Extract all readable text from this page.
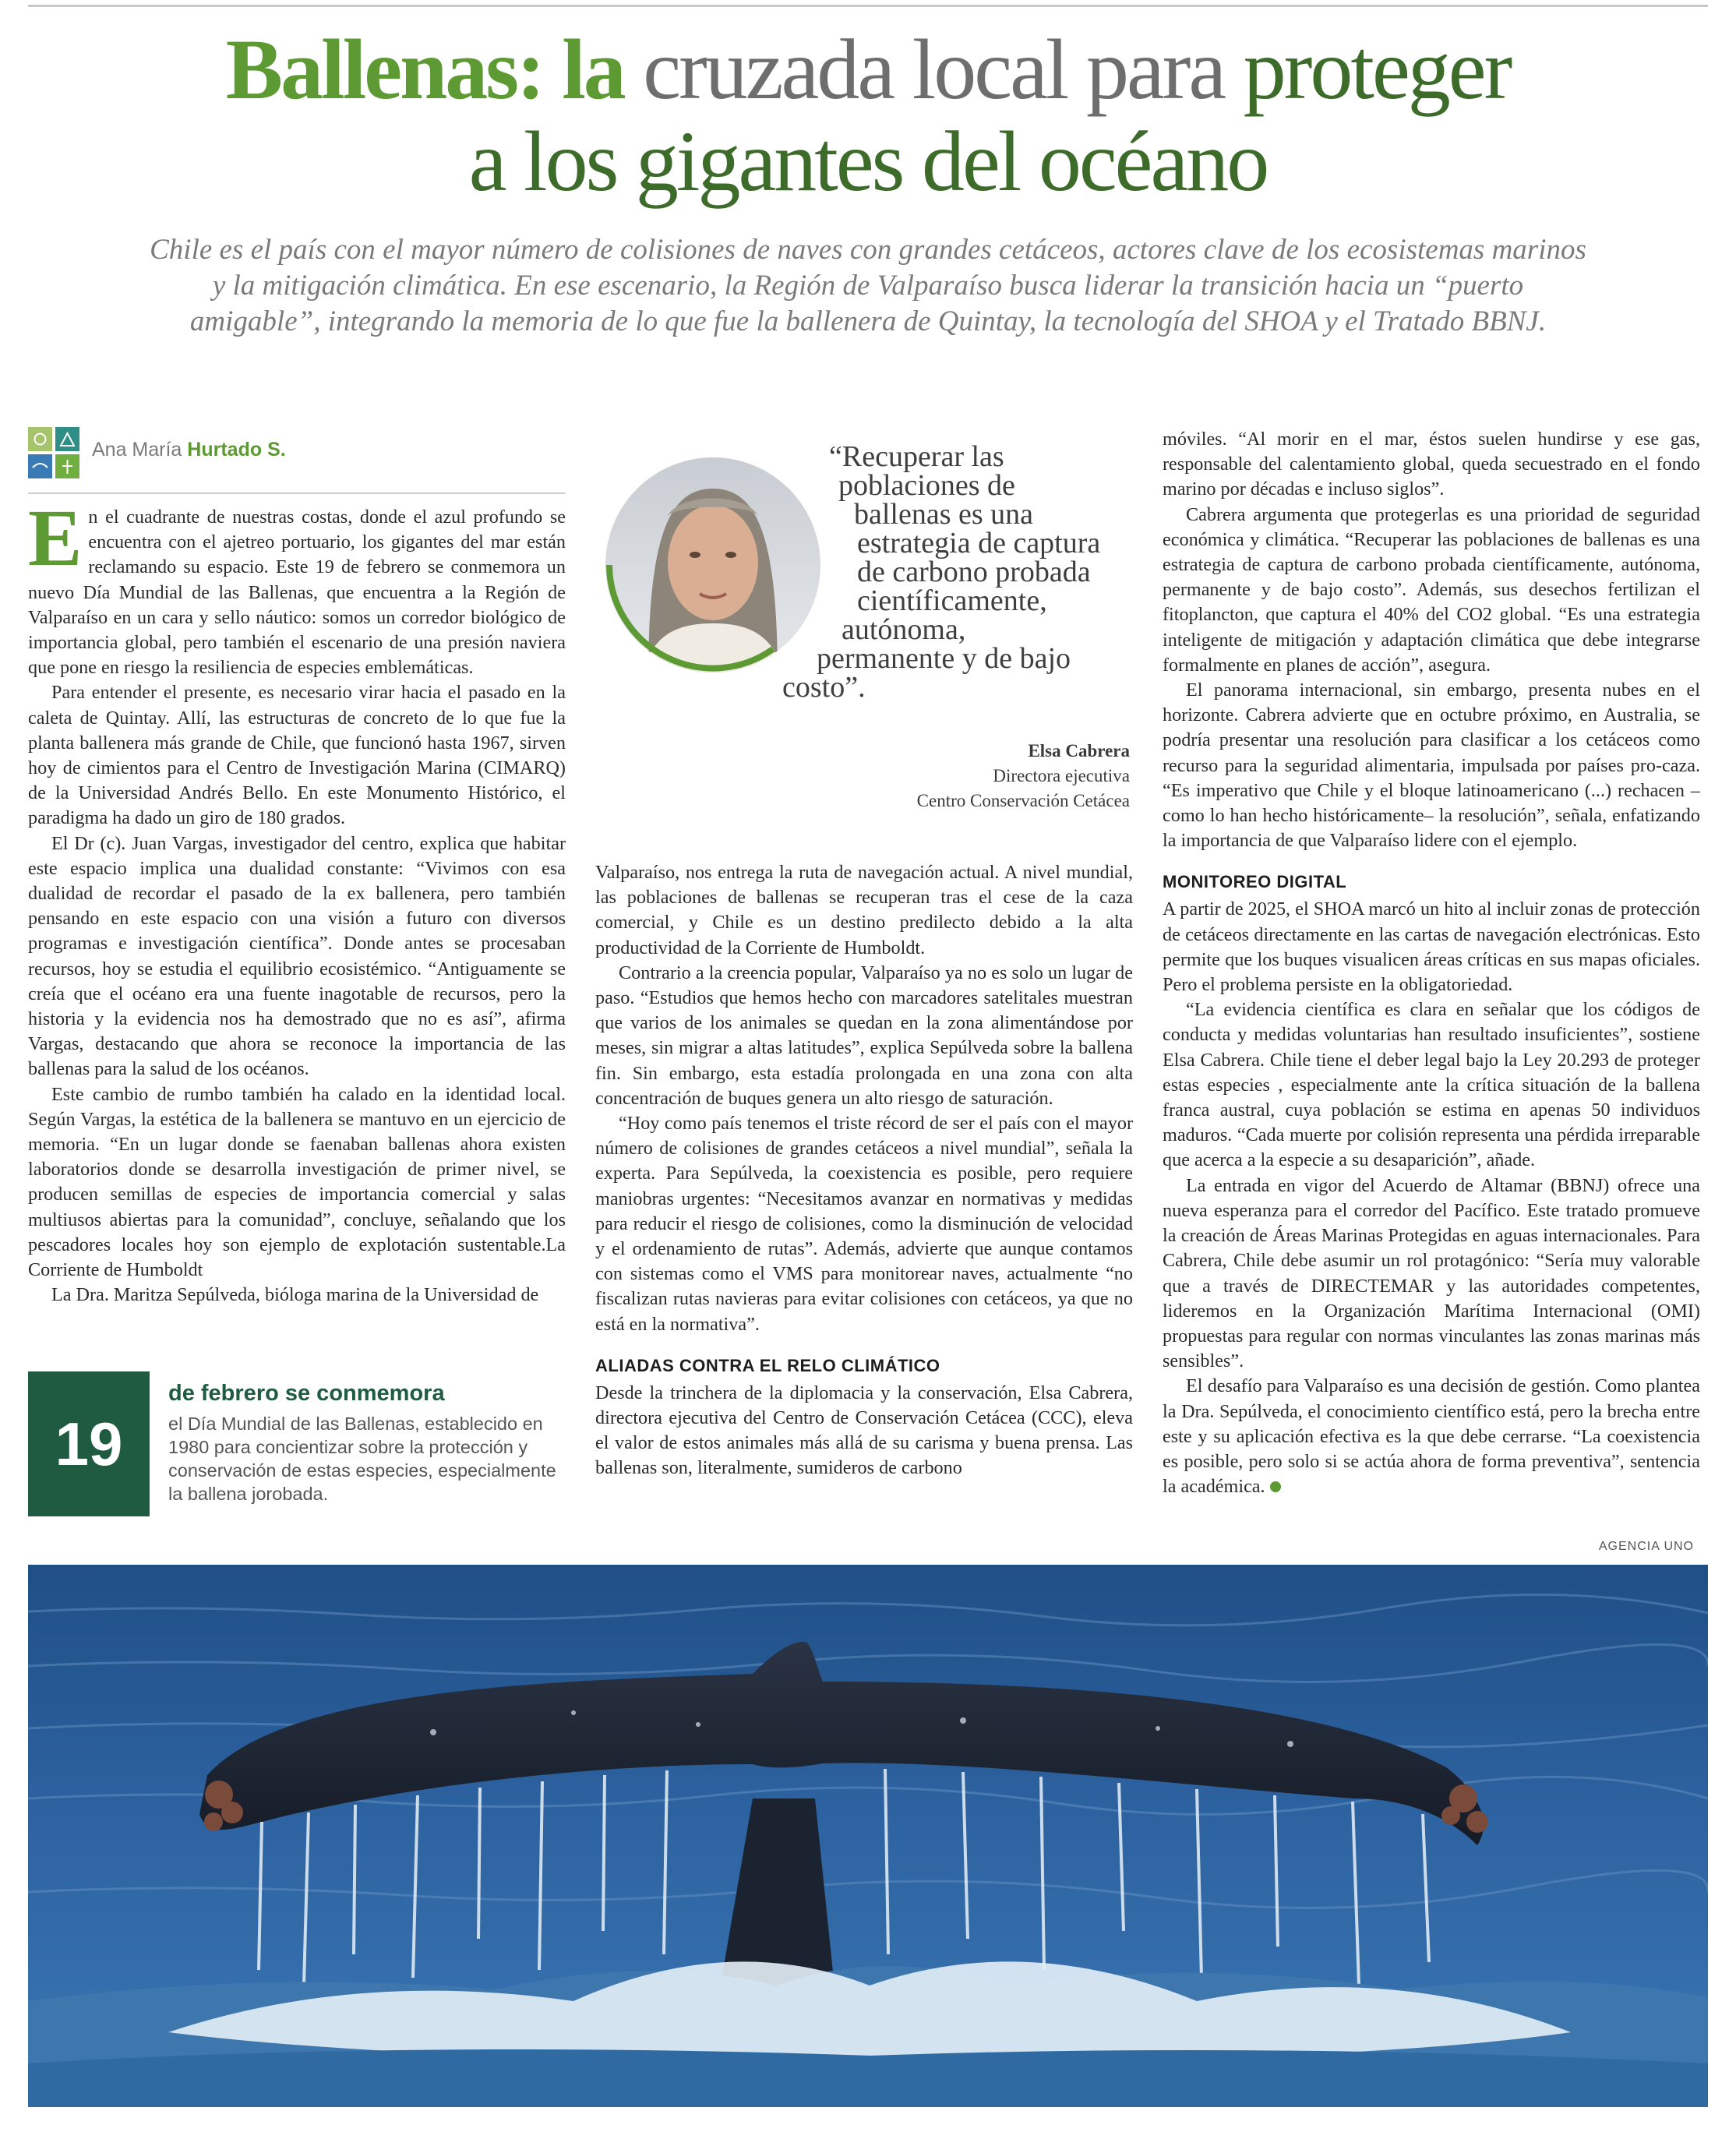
Ballenas: la cruzada local para proteger
a los gigantes del océano

Chile es el país con el mayor número de colisiones de naves con grandes cetáceos, actores clave de los ecosistemas marinos y la mitigación climática. En ese escenario, la Región de Valparaíso busca liderar la transición hacia un “puerto amigable”, integrando la memoria de lo que fue la ballenera de Quintay, la tecnología del SHOA y el Tratado BBNJ.

Ana María Hurtado S.

En el cuadrante de nuestras costas, donde el azul profundo se encuentra con el ajetreo portuario, los gigantes del mar están reclamando su espacio. Este 19 de febrero se conmemora un nuevo Día Mundial de las Ballenas, que encuentra a la Región de Valparaíso en un cara y sello náutico: somos un corredor biológico de importancia global, pero también el escenario de una presión naviera que pone en riesgo la resiliencia de especies emblemáticas.

Para entender el presente, es necesario virar hacia el pasado en la caleta de Quintay. Allí, las estructuras de concreto de lo que fue la planta ballenera más grande de Chile, que funcionó hasta 1967, sirven hoy de cimientos para el Centro de Investigación Marina (CIMARQ) de la Universidad Andrés Bello. En este Monumento Histórico, el paradigma ha dado un giro de 180 grados.

El Dr (c). Juan Vargas, investigador del centro, explica que habitar este espacio implica una dualidad constante: “Vivimos con esa dualidad de recordar el pasado de la ex ballenera, pero también pensando en este espacio con una visión a futuro con diversos programas e investigación científica”. Donde antes se procesaban recursos, hoy se estudia el equilibrio ecosistémico. “Antiguamente se creía que el océano era una fuente inagotable de recursos, pero la historia y la evidencia nos ha demostrado que no es así”, afirma Vargas, destacando que ahora se reconoce la importancia de las ballenas para la salud de los océanos.

Este cambio de rumbo también ha calado en la identidad local. Según Vargas, la estética de la ballenera se mantuvo en un ejercicio de memoria. “En un lugar donde se faenaban ballenas ahora existen laboratorios donde se desarrolla investigación de primer nivel, se producen semillas de especies de importancia comercial y salas multiusos abiertas para la comunidad”, concluye, señalando que los pescadores locales hoy son ejemplo de explotación sustentable.La Corriente de Humboldt

La Dra. Maritza Sepúlveda, bióloga marina de la Universidad de

“Recuperar las
poblaciones de
ballenas es una
estrategia de captura
de carbono probada
científicamente,
autónoma,
permanente y de bajo
costo”.
Elsa Cabrera
Directora ejecutiva
Centro Conservación Cetácea

Valparaíso, nos entrega la ruta de navegación actual. A nivel mundial, las poblaciones de ballenas se recuperan tras el cese de la caza comercial, y Chile es un destino predilecto debido a la alta productividad de la Corriente de Humboldt.

Contrario a la creencia popular, Valparaíso ya no es solo un lugar de paso. “Estudios que hemos hecho con marcadores satelitales muestran que varios de los animales se quedan en la zona alimentándose por meses, sin migrar a altas latitudes”, explica Sepúlveda sobre la ballena fin. Sin embargo, esta estadía prolongada en una zona con alta concentración de buques genera un alto riesgo de saturación.

“Hoy como país tenemos el triste récord de ser el país con el mayor número de colisiones de grandes cetáceos a nivel mundial”, señala la experta. Para Sepúlveda, la coexistencia es posible, pero requiere maniobras urgentes: “Necesitamos avanzar en normativas y medidas para reducir el riesgo de colisiones, como la disminución de velocidad y el ordenamiento de rutas”. Además, advierte que aunque contamos con sistemas como el VMS para monitorear naves, actualmente “no fiscalizan rutas navieras para evitar colisiones con cetáceos, ya que no está en la normativa”.

ALIADAS CONTRA EL RELO CLIMÁTICO

Desde la trinchera de la diplomacia y la conservación, Elsa Cabrera, directora ejecutiva del Centro de Conservación Cetácea (CCC), eleva el valor de estos animales más allá de su carisma y buena prensa. Las ballenas son, literalmente, sumideros de carbono

móviles. “Al morir en el mar, éstos suelen hundirse y ese gas, responsable del calentamiento global, queda secuestrado en el fondo marino por décadas e incluso siglos”.

Cabrera argumenta que protegerlas es una prioridad de seguridad económica y climática. “Recuperar las poblaciones de ballenas es una estrategia de captura de carbono probada científicamente, autónoma, permanente y de bajo costo”. Además, sus desechos fertilizan el fitoplancton, que captura el 40% del CO2 global. “Es una estrategia inteligente de mitigación y adaptación climática que debe integrarse formalmente en planes de acción”, asegura.

El panorama internacional, sin embargo, presenta nubes en el horizonte. Cabrera advierte que en octubre próximo, en Australia, se podría presentar una resolución para clasificar a los cetáceos como recurso para la seguridad alimentaria, impulsada por países pro-caza. “Es imperativo que Chile y el bloque latinoamericano (...) rechacen –como lo han hecho históricamente– la resolución”, señala, enfatizando la importancia de que Valparaíso lidere con el ejemplo.

MONITOREO DIGITAL

A partir de 2025, el SHOA marcó un hito al incluir zonas de protección de cetáceos directamente en las cartas de navegación electrónicas. Esto permite que los buques visualicen áreas críticas en sus mapas oficiales. Pero el problema persiste en la obligatoriedad.

“La evidencia científica es clara en señalar que los códigos de conducta y medidas voluntarias han resultado insuficientes”, sostiene Elsa Cabrera. Chile tiene el deber legal bajo la Ley 20.293 de proteger estas especies , especialmente ante la crítica situación de la ballena franca austral, cuya población se estima en apenas 50 individuos maduros. “Cada muerte por colisión representa una pérdida irreparable que acerca a la especie a su desaparición”, añade.

La entrada en vigor del Acuerdo de Altamar (BBNJ) ofrece una nueva esperanza para el corredor del Pacífico. Este tratado promueve la creación de Áreas Marinas Protegidas en aguas internacionales. Para Cabrera, Chile debe asumir un rol protagónico: “Sería muy valorable que a través de DIRECTEMAR y las autoridades competentes, lideremos en la Organización Marítima Internacional (OMI) propuestas para regular con normas vinculantes las zonas marinas más sensibles”.

El desafío para Valparaíso es una decisión de gestión. Como plantea la Dra. Sepúlveda, el conocimiento científico está, pero la brecha entre este y su aplicación efectiva es la que debe cerrarse. “La coexistencia es posible, pero solo si se actúa ahora de forma preventiva”, sentencia la académica.

19
de febrero se conmemora
el Día Mundial de las Ballenas, establecido en 1980 para concientizar sobre la protección y conservación de estas especies, especialmente la ballena jorobada.
AGENCIA UNO
